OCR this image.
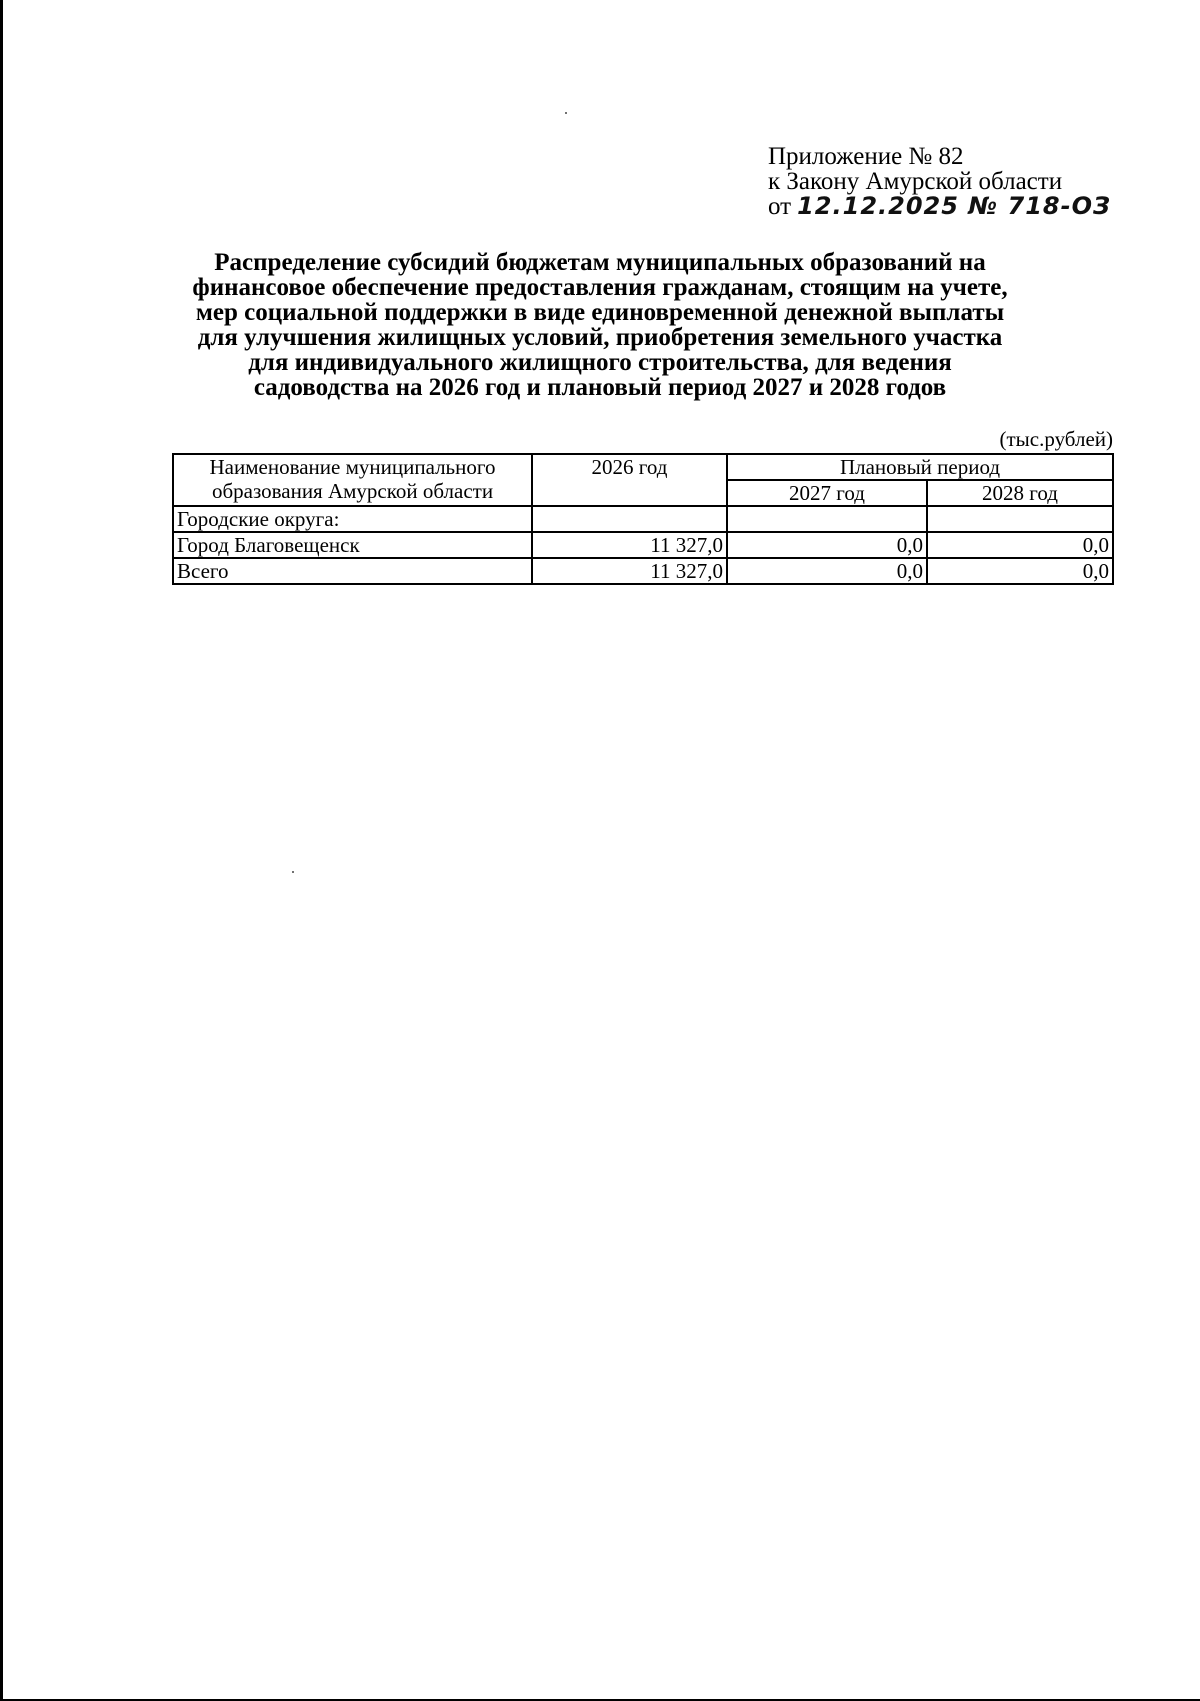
Приложение № 82
к Закону Амурской области
от 12.12.2025 № 718-ОЗ
Распределение субсидий бюджетам муниципальных образований на
финансовое обеспечение предоставления гражданам, стоящим на учете,
мер социальной поддержки в виде единовременной денежной выплаты
для улучшения жилищных условий, приобретения земельного участка
для индивидуального жилищного строительства, для ведения
садоводства на 2026 год и плановый период 2027 и 2028 годов
(тыс.рублей)
Наименование муниципального
образования Амурской области	2026 год	Плановый период	
		2027 год	2028 год
Городские округа:			
Город Благовещенск	11 327,0	0,0	0,0
Всего	11 327,0	0,0	0,0
